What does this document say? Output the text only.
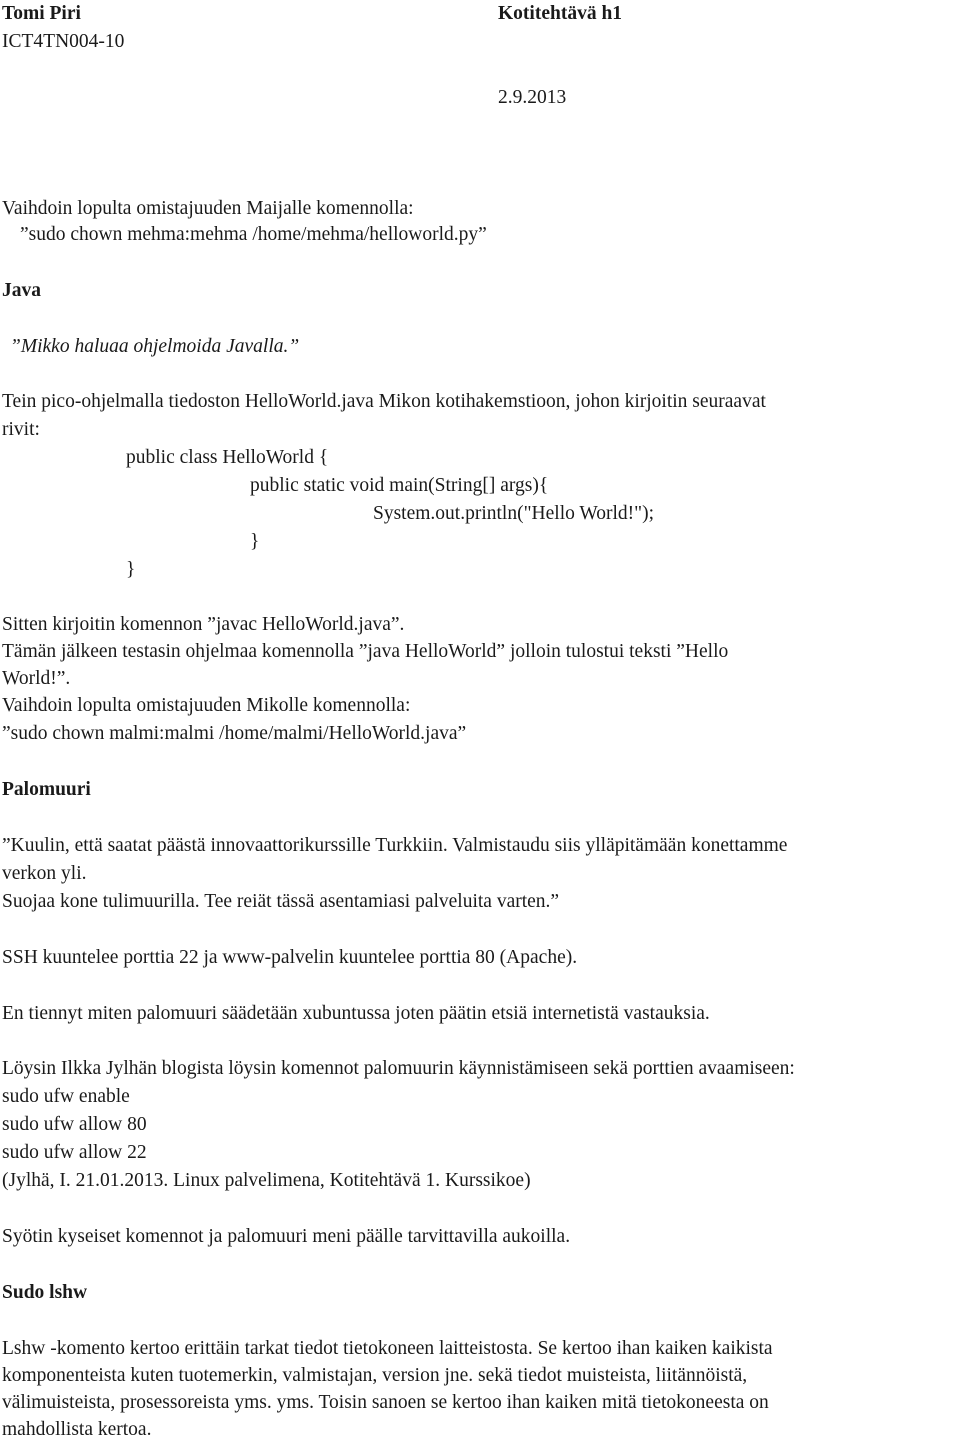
Tomi Piri	Kotitehtävä h1
ICT4TN004-10
2.9.2013
Vaihdoin lopulta omistajuuden Maijalle komennolla:
”sudo chown mehma:mehma /home/mehma/helloworld.py”
Java
”Mikko haluaa ohjelmoida Javalla.”
Tein pico-ohjelmalla tiedoston HelloWorld.java Mikon kotihakemstioon, johon kirjoitin seuraavat
rivit:
public class HelloWorld {
public static void main(String[] args){
System.out.println("Hello World!");
}
}
Sitten kirjoitin komennon ”javac HelloWorld.java”.
Tämän jälkeen testasin ohjelmaa komennolla ”java HelloWorld” jolloin tulostui teksti ”Hello
World!”.
Vaihdoin lopulta omistajuuden Mikolle komennolla:
”sudo chown malmi:malmi /home/malmi/HelloWorld.java”
Palomuuri
”Kuulin, että saatat päästä innovaattorikurssille Turkkiin. Valmistaudu siis ylläpitämään konettamme
verkon yli.
Suojaa kone tulimuurilla. Tee reiät tässä asentamiasi palveluita varten.”
SSH kuuntelee porttia 22 ja www-palvelin kuuntelee porttia 80 (Apache).
En tiennyt miten palomuuri säädetään xubuntussa joten päätin etsiä internetistä vastauksia.
Löysin Ilkka Jylhän blogista löysin komennot palomuurin käynnistämiseen sekä porttien avaamiseen:
sudo ufw enable
sudo ufw allow 80
sudo ufw allow 22
(Jylhä, I. 21.01.2013. Linux palvelimena, Kotitehtävä 1. Kurssikoe)
Syötin kyseiset komennot ja palomuuri meni päälle tarvittavilla aukoilla.
Sudo lshw
Lshw -komento kertoo erittäin tarkat tiedot tietokoneen laitteistosta. Se kertoo ihan kaiken kaikista
komponenteista kuten tuotemerkin, valmistajan, version jne. sekä tiedot muisteista, liitännöistä,
välimuisteista, prosessoreista yms. yms. Toisin sanoen se kertoo ihan kaiken mitä tietokoneesta on
mahdollista kertoa.
